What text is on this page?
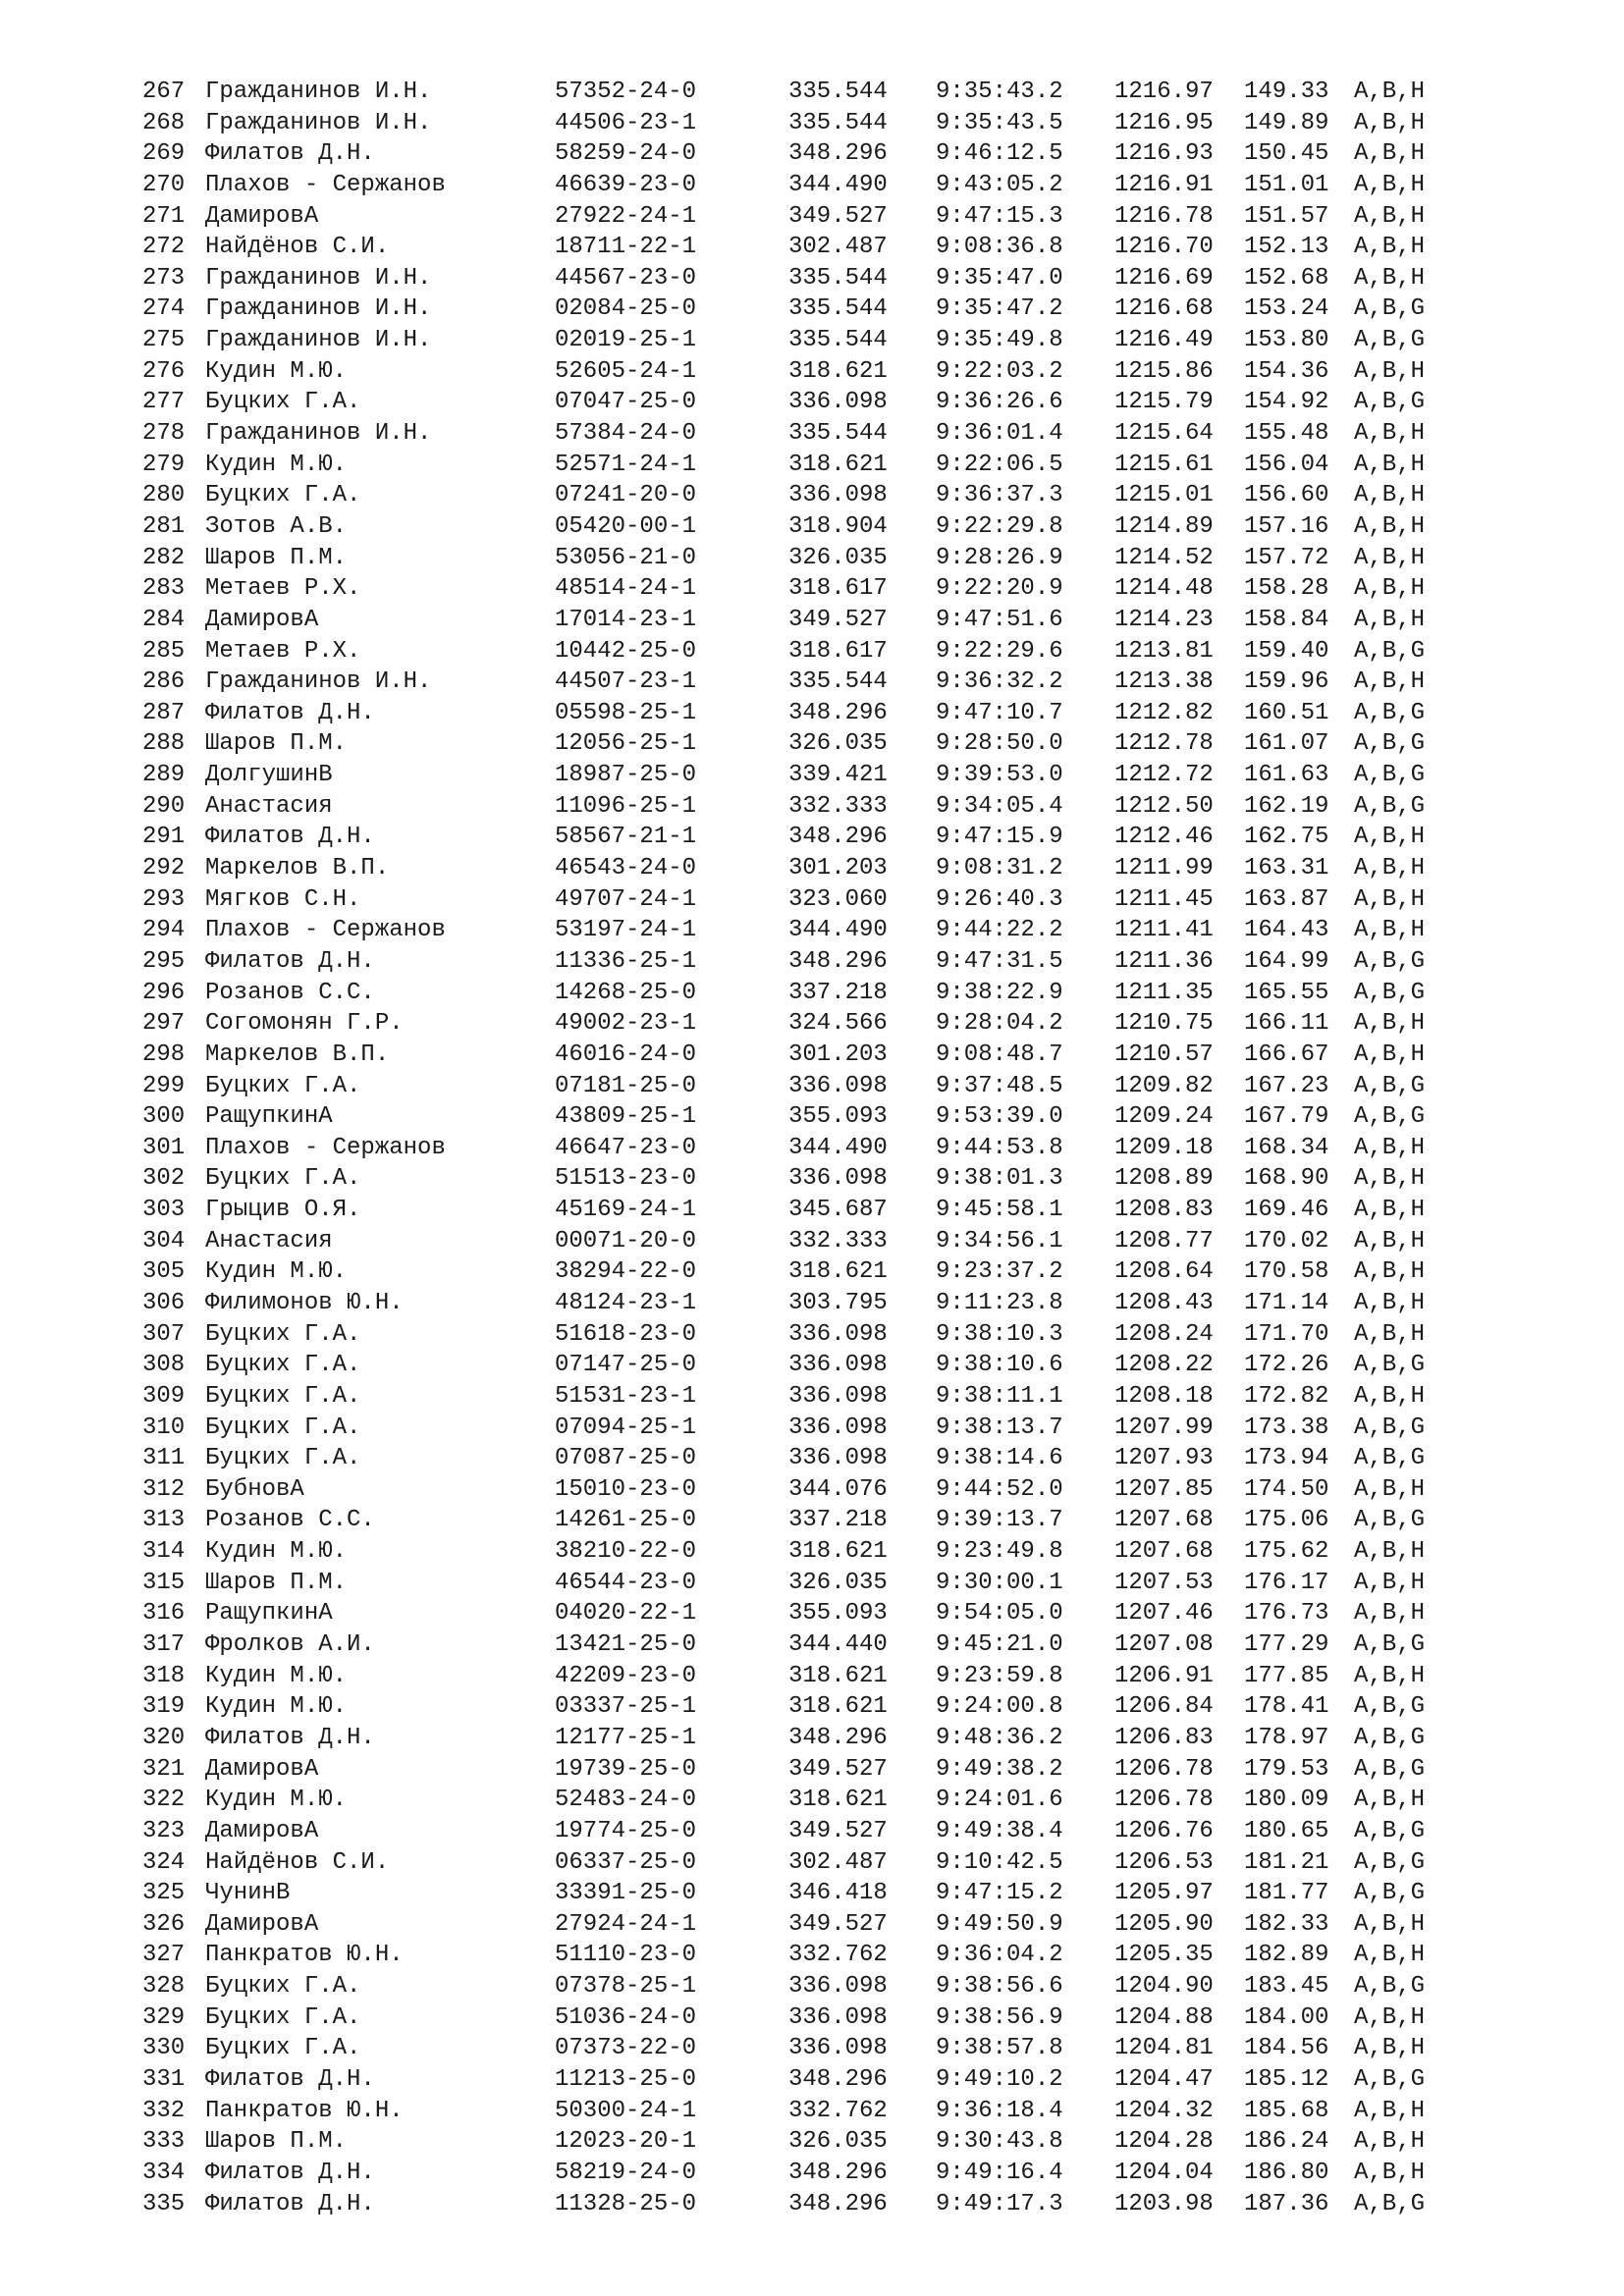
267 Гражданинов И.Н.	57352-24-0	335.544 9:35:43.2 1216.97 149.33 A,B,H
268 Гражданинов И.Н.	44506-23-1	335.544 9:35:43.5 1216.95 149.89 A,B,H
269 Филатов Д.Н.	58259-24-0	348.296 9:46:12.5 1216.93 150.45 A,B,H
270 Плахов - Сержанов	46639-23-0	344.490 9:43:05.2 1216.91 151.01 A,B,H
271 ДамировА	27922-24-1	349.527 9:47:15.3 1216.78 151.57 A,B,H
272 Найдёнов С.И.	18711-22-1	302.487 9:08:36.8 1216.70 152.13 A,B,H
273 Гражданинов И.Н.	44567-23-0	335.544 9:35:47.0 1216.69 152.68 A,B,H
274 Гражданинов И.Н.	02084-25-0	335.544 9:35:47.2 1216.68 153.24 A,B,G
275 Гражданинов И.Н.	02019-25-1	335.544 9:35:49.8 1216.49 153.80 A,B,G
276 Кудин М.Ю.	52605-24-1	318.621 9:22:03.2 1215.86 154.36 A,B,H
277 Буцких Г.А.	07047-25-0	336.098 9:36:26.6 1215.79 154.92 A,B,G
278 Гражданинов И.Н.	57384-24-0	335.544 9:36:01.4 1215.64 155.48 A,B,H
279 Кудин М.Ю.	52571-24-1	318.621 9:22:06.5 1215.61 156.04 A,B,H
280 Буцких Г.А.	07241-20-0	336.098 9:36:37.3 1215.01 156.60 A,B,H
281 Зотов А.В.	05420-00-1	318.904 9:22:29.8 1214.89 157.16 A,B,H
282 Шаров П.М.	53056-21-0	326.035 9:28:26.9 1214.52 157.72 A,B,H
283 Метаев Р.Х.	48514-24-1	318.617 9:22:20.9 1214.48 158.28 A,B,H
284 ДамировА	17014-23-1	349.527 9:47:51.6 1214.23 158.84 A,B,H
285 Метаев Р.Х.	10442-25-0	318.617 9:22:29.6 1213.81 159.40 A,B,G
286 Гражданинов И.Н.	44507-23-1	335.544 9:36:32.2 1213.38 159.96 A,B,H
287 Филатов Д.Н.	05598-25-1	348.296 9:47:10.7 1212.82 160.51 A,B,G
288 Шаров П.М.	12056-25-1	326.035 9:28:50.0 1212.78 161.07 A,B,G
289 ДолгушинВ	18987-25-0	339.421 9:39:53.0 1212.72 161.63 A,B,G
290 Анастасия	11096-25-1	332.333 9:34:05.4 1212.50 162.19 A,B,G
291 Филатов Д.Н.	58567-21-1	348.296 9:47:15.9 1212.46 162.75 A,B,H
292 Маркелов В.П.	46543-24-0	301.203 9:08:31.2 1211.99 163.31 A,B,H
293 Мягков С.Н.	49707-24-1	323.060 9:26:40.3 1211.45 163.87 A,B,H
294 Плахов - Сержанов	53197-24-1	344.490 9:44:22.2 1211.41 164.43 A,B,H
295 Филатов Д.Н.	11336-25-1	348.296 9:47:31.5 1211.36 164.99 A,B,G
296 Розанов С.С.	14268-25-0	337.218 9:38:22.9 1211.35 165.55 A,B,G
297 Согомонян Г.Р.	49002-23-1	324.566 9:28:04.2 1210.75 166.11 A,B,H
298 Маркелов В.П.	46016-24-0	301.203 9:08:48.7 1210.57 166.67 A,B,H
299 Буцких Г.А.	07181-25-0	336.098 9:37:48.5 1209.82 167.23 A,B,G
300 РащупкинА	43809-25-1	355.093 9:53:39.0 1209.24 167.79 A,B,G
301 Плахов - Сержанов	46647-23-0	344.490 9:44:53.8 1209.18 168.34 A,B,H
302 Буцких Г.А.	51513-23-0	336.098 9:38:01.3 1208.89 168.90 A,B,H
303 Грыцив О.Я.	45169-24-1	345.687 9:45:58.1 1208.83 169.46 A,B,H
304 Анастасия	00071-20-0	332.333 9:34:56.1 1208.77 170.02 A,B,H
305 Кудин М.Ю.	38294-22-0	318.621 9:23:37.2 1208.64 170.58 A,B,H
306 Филимонов Ю.Н.	48124-23-1	303.795 9:11:23.8 1208.43 171.14 A,B,H
307 Буцких Г.А.	51618-23-0	336.098 9:38:10.3 1208.24 171.70 A,B,H
308 Буцких Г.А.	07147-25-0	336.098 9:38:10.6 1208.22 172.26 A,B,G
309 Буцких Г.А.	51531-23-1	336.098 9:38:11.1 1208.18 172.82 A,B,H
310 Буцких Г.А.	07094-25-1	336.098 9:38:13.7 1207.99 173.38 A,B,G
311 Буцких Г.А.	07087-25-0	336.098 9:38:14.6 1207.93 173.94 A,B,G
312 БубновА	15010-23-0	344.076 9:44:52.0 1207.85 174.50 A,B,H
313 Розанов С.С.	14261-25-0	337.218 9:39:13.7 1207.68 175.06 A,B,G
314 Кудин М.Ю.	38210-22-0	318.621 9:23:49.8 1207.68 175.62 A,B,H
315 Шаров П.М.	46544-23-0	326.035 9:30:00.1 1207.53 176.17 A,B,H
316 РащупкинА	04020-22-1	355.093 9:54:05.0 1207.46 176.73 A,B,H
317 Фролков А.И.	13421-25-0	344.440 9:45:21.0 1207.08 177.29 A,B,G
318 Кудин М.Ю.	42209-23-0	318.621 9:23:59.8 1206.91 177.85 A,B,H
319 Кудин М.Ю.	03337-25-1	318.621 9:24:00.8 1206.84 178.41 A,B,G
320 Филатов Д.Н.	12177-25-1	348.296 9:48:36.2 1206.83 178.97 A,B,G
321 ДамировА	19739-25-0	349.527 9:49:38.2 1206.78 179.53 A,B,G
322 Кудин М.Ю.	52483-24-0	318.621 9:24:01.6 1206.78 180.09 A,B,H
323 ДамировА	19774-25-0	349.527 9:49:38.4 1206.76 180.65 A,B,G
324 Найдёнов С.И.	06337-25-0	302.487 9:10:42.5 1206.53 181.21 A,B,G
325 ЧунинВ	33391-25-0	346.418 9:47:15.2 1205.97 181.77 A,B,G
326 ДамировА	27924-24-1	349.527 9:49:50.9 1205.90 182.33 A,B,H
327 Панкратов Ю.Н.	51110-23-0	332.762 9:36:04.2 1205.35 182.89 A,B,H
328 Буцких Г.А.	07378-25-1	336.098 9:38:56.6 1204.90 183.45 A,B,G
329 Буцких Г.А.	51036-24-0	336.098 9:38:56.9 1204.88 184.00 A,B,H
330 Буцких Г.А.	07373-22-0	336.098 9:38:57.8 1204.81 184.56 A,B,H
331 Филатов Д.Н.	11213-25-0	348.296 9:49:10.2 1204.47 185.12 A,B,G
332 Панкратов Ю.Н.	50300-24-1	332.762 9:36:18.4 1204.32 185.68 A,B,H
333 Шаров П.М.	12023-20-1	326.035 9:30:43.8 1204.28 186.24 A,B,H
334 Филатов Д.Н.	58219-24-0	348.296 9:49:16.4 1204.04 186.80 A,B,H
335 Филатов Д.Н.	11328-25-0	348.296 9:49:17.3 1203.98 187.36 A,B,G
